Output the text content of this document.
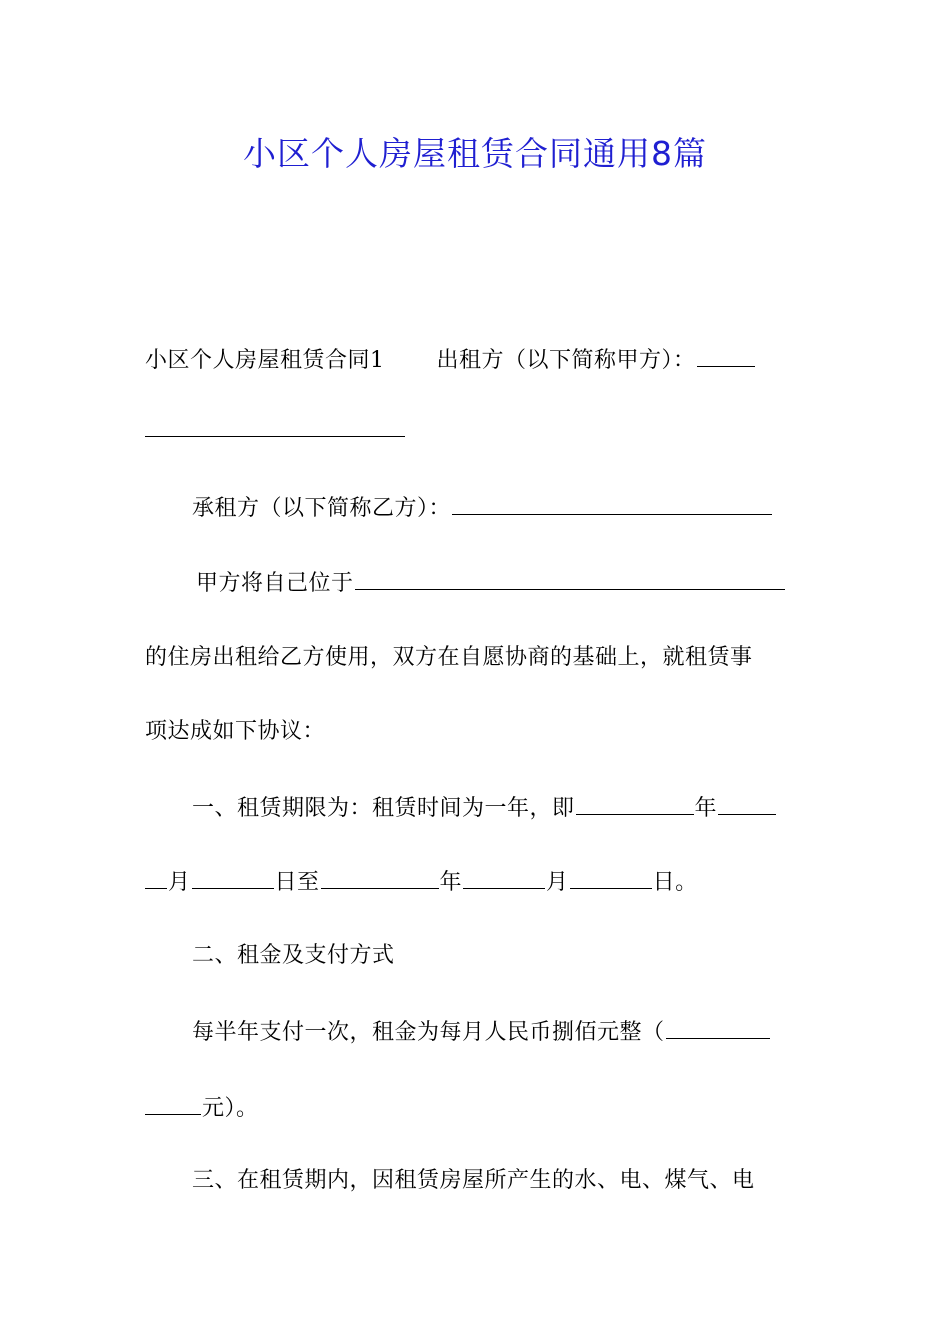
小区个人房屋租赁合同通用8篇
小区个人房屋租赁合同1 出租方（以下简称甲方）：
承租方（以下简称乙方）：
甲方将自己位于
的住房出租给乙方使用，双方在自愿协商的基础上，就租赁事
项达成如下协议：
一、租赁期限为：租赁时间为一年，即	年
月	日至	年	月	日。
二、租金及支付方式
每半年支付一次，租金为每月人民币捌佰元整（
元）。
三、在租赁期内，因租赁房屋所产生的水、电、煤气、电
